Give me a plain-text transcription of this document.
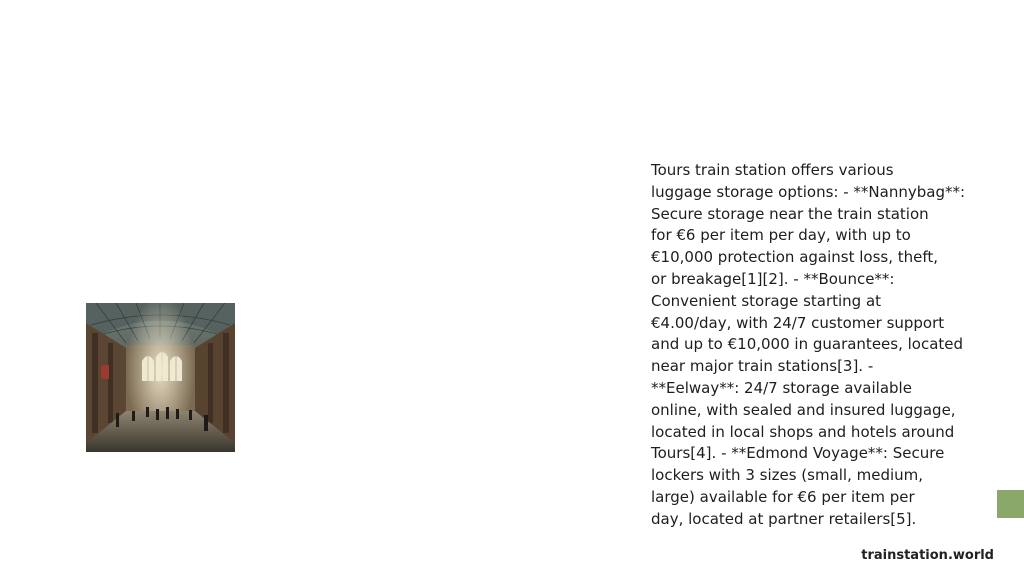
Tours train station offers various
luggage storage options: - **Nannybag**:
Secure storage near the train station
for €6 per item per day, with up to
€10,000 protection against loss, theft,
or breakage[1][2]. - **Bounce**:
Convenient storage starting at
€4.00/day, with 24/7 customer support
and up to €10,000 in guarantees, located
near major train stations[3]. -
**Eelway**: 24/7 storage available
online, with sealed and insured luggage,
located in local shops and hotels around
Tours[4]. - **Edmond Voyage**: Secure
lockers with 3 sizes (small, medium,
large) available for €6 per item per
day, located at partner retailers[5].

trainstation.world
